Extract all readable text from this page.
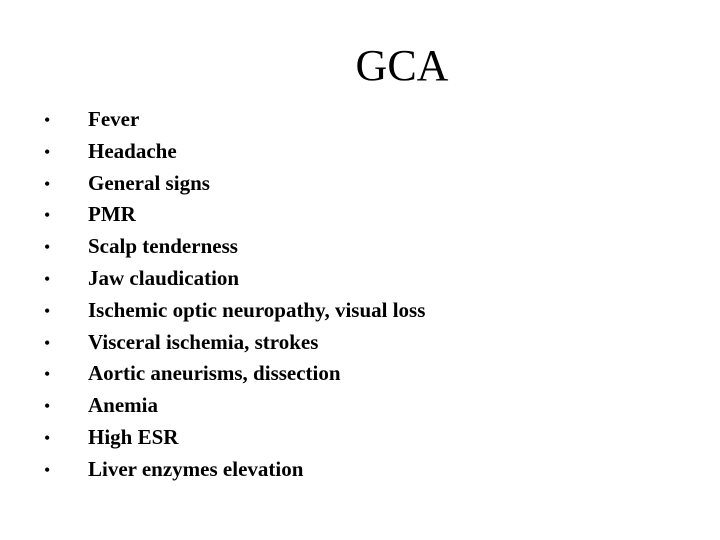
GCA
•	Fever
•	Headache
•	General signs
•	PMR
•	Scalp tenderness
•	Jaw claudication
•	Ischemic optic neuropathy, visual loss
•	Visceral ischemia, strokes
•	Aortic aneurisms, dissection
•	Anemia
•	High ESR
•	Liver enzymes elevation
